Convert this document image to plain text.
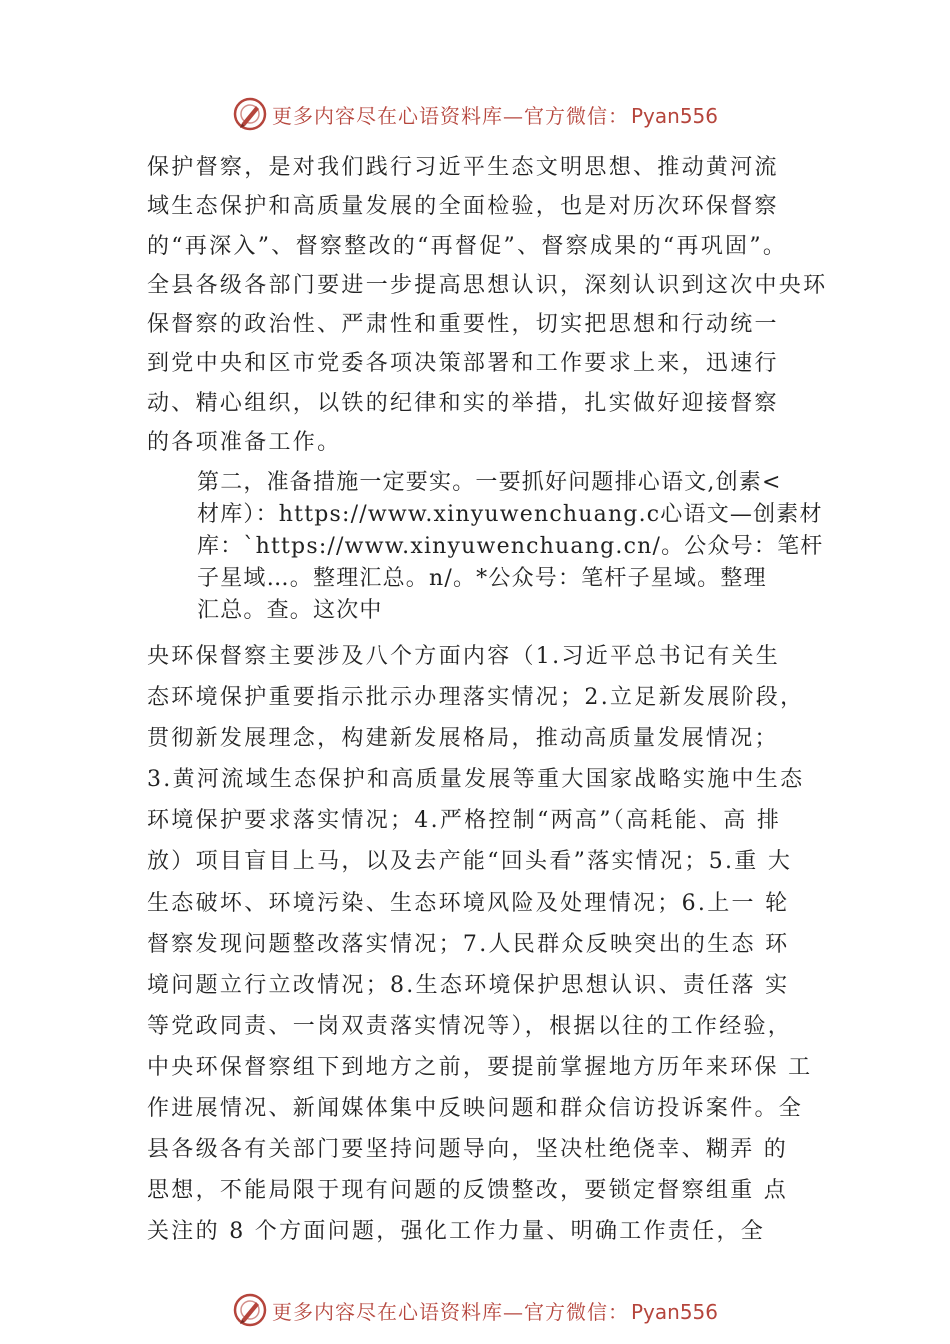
更多内容尽在心语资料库—官方微信： Pyan556
保护督察，是对我们践行习近平生态文明思想、推动黄河流
域生态保护和高质量发展的全面检验，也是对历次环保督察
的“再深入”、督察整改的“再督促”、督察成果的“再巩固”。
全县各级各部门要进一步提高思想认识，深刻认识到这次中央环
保督察的政治性、严肃性和重要性，切实把思想和行动统一
到党中央和区市党委各项决策部署和工作要求上来，迅速行
动、精心组织，以铁的纪律和实的举措，扎实做好迎接督察
的各项准备工作。
第二，准备措施一定要实。一要抓好问题排心语文,创素<
材库）：https://www.xinyuwenchuang.c心语文—创素材
库：`https://www.xinyuwenchuang.cn/。公众号：笔杆
子星域…。整理汇总。n/。*公众号：笔杆子星域。整理
汇总。查。这次中
央环保督察主要涉及八个方面内容（1.习近平总书记有关生
态环境保护重要指示批示办理落实情况；2.立足新发展阶段，
贯彻新发展理念，构建新发展格局，推动高质量发展情况；
3.黄河流域生态保护和高质量发展等重大国家战略实施中生态
环境保护要求落实情况；4.严格控制“两高”（高耗能、高 排
放）项目盲目上马，以及去产能“回头看”落实情况；5.重 大
生态破坏、环境污染、生态环境风险及处理情况；6.上一 轮
督察发现问题整改落实情况；7.人民群众反映突出的生态 环
境问题立行立改情况；8.生态环境保护思想认识、责任落 实
等党政同责、一岗双责落实情况等），根据以往的工作经验，
中央环保督察组下到地方之前，要提前掌握地方历年来环保 工
作进展情况、新闻媒体集中反映问题和群众信访投诉案件。全
县各级各有关部门要坚持问题导向，坚决杜绝侥幸、糊弄 的
思想，不能局限于现有问题的反馈整改，要锁定督察组重 点
关注的 8 个方面问题，强化工作力量、明确工作责任，全
更多内容尽在心语资料库—官方微信： Pyan556
